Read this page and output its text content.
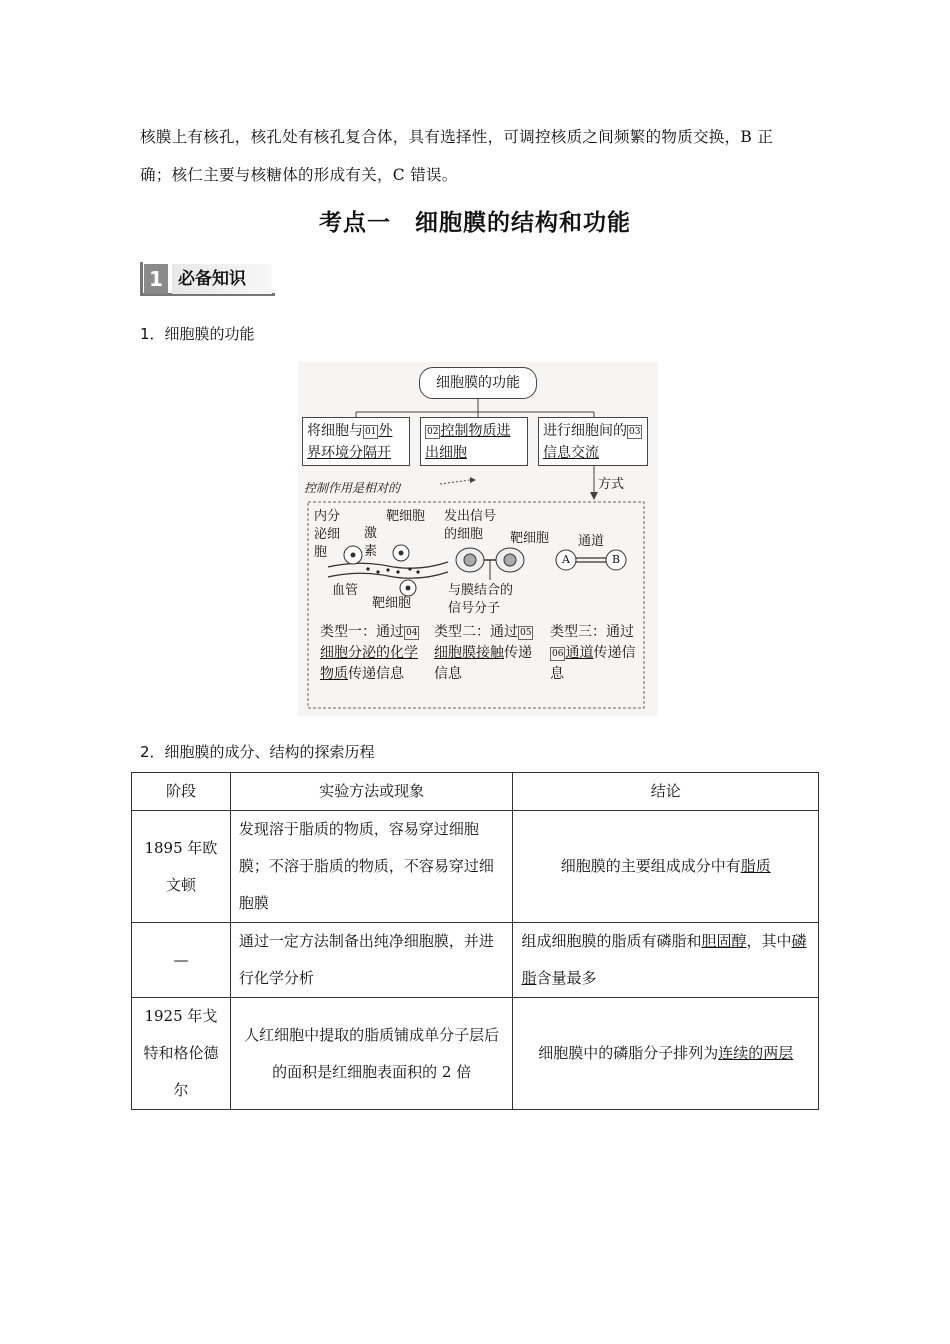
核膜上有核孔，核孔处有核孔复合体，具有选择性，可调控核质之间频繁的物质交换，B 正
确；核仁主要与核糖体的形成有关，C 错误。
考点一　细胞膜的结构和功能
1 必备知识
1．细胞膜的功能
细胞膜的功能
将细胞与 01 外界环境分隔开
02 控制物质进出细胞
进行细胞间的 03信息交流
控制作用是相对的	方式
内分泌细胞
激素
靶细胞
血管
靶细胞
发出信号的细胞	靶细胞
与膜结合的信号分子
通道
A	B
类型一：通过 04细胞分泌的化学物质传递信息
类型二：通过 05细胞膜接触传递信息
类型三：通过06 通道传递信息
2．细胞膜的成分、结构的探索历程
阶段	实验方法或现象	结论
1895 年欧文顿	发现溶于脂质的物质，容易穿过细胞膜；不溶于脂质的物质，不容易穿过细胞膜	细胞膜的主要组成成分中有脂质
—	通过一定方法制备出纯净细胞膜，并进行化学分析	组成细胞膜的脂质有磷脂和胆固醇，其中磷脂含量最多
1925 年戈特和格伦德尔	人红细胞中提取的脂质铺成单分子层后的面积是红细胞表面积的 2 倍	细胞膜中的磷脂分子排列为连续的两层
